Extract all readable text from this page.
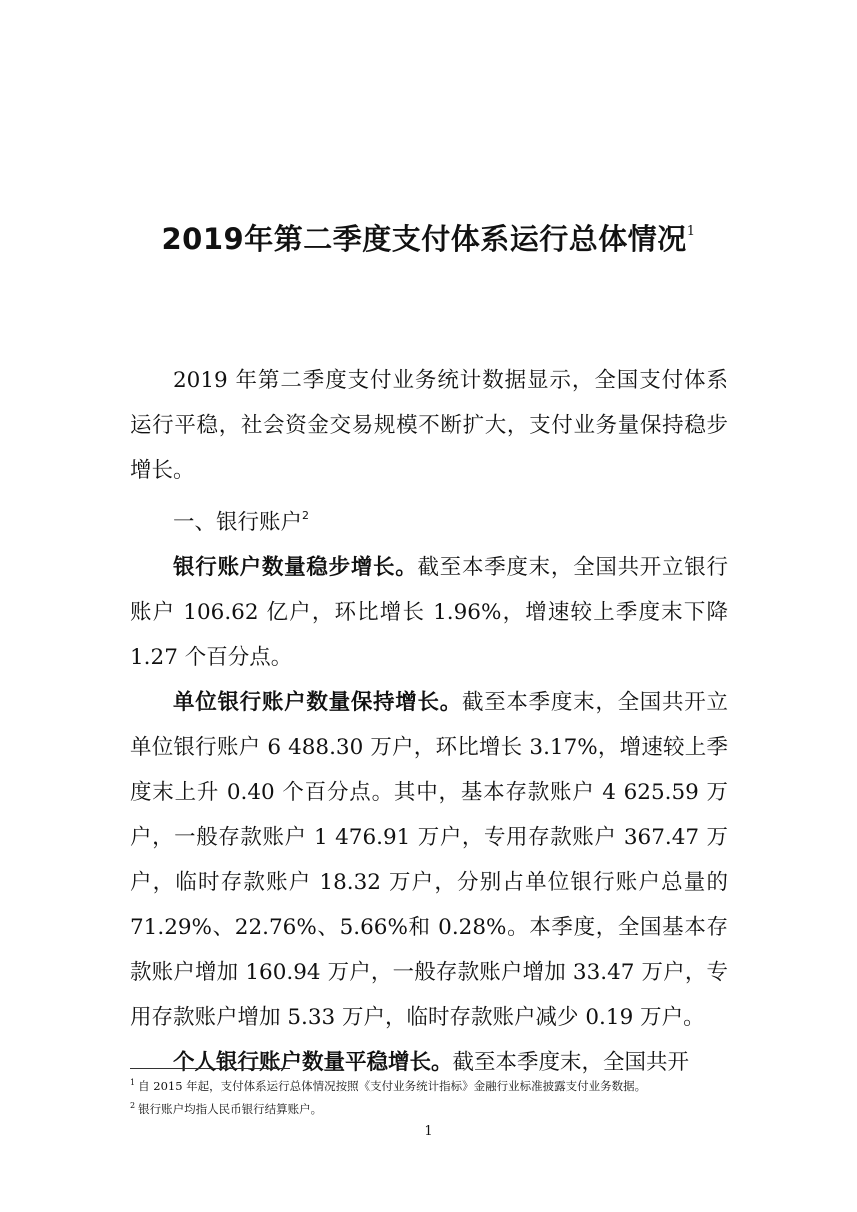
2019年第二季度支付体系运行总体情况$^1$

2019 年第二季度支付业务统计数据显示，全国支付体系运行平稳，社会资金交易规模不断扩大，支付业务量保持稳步增长。

一、银行账户$^2$

银行账户数量稳步增长。截至本季度末，全国共开立银行账户 106.62 亿户，环比增长 1.96%，增速较上季度末下降 1.27 个百分点。

单位银行账户数量保持增长。截至本季度末，全国共开立单位银行账户 6 488.30 万户，环比增长 3.17%，增速较上季度末上升 0.40 个百分点。其中，基本存款账户 4 625.59 万户，一般存款账户 1 476.91 万户，专用存款账户 367.47 万户，临时存款账户 18.32 万户，分别占单位银行账户总量的 71.29%、22.76%、5.66%和 0.28%。本季度，全国基本存款账户增加 160.94 万户，一般存款账户增加 33.47 万户，专用存款账户增加 5.33 万户，临时存款账户减少 0.19 万户。

个人银行账户数量平稳增长。截至本季度末，全国共开

$^1$ 自 2015 年起，支付体系运行总体情况按照《支付业务统计指标》金融行业标准披露支付业务数据。
$^2$ 银行账户均指人民币银行结算账户。
1
